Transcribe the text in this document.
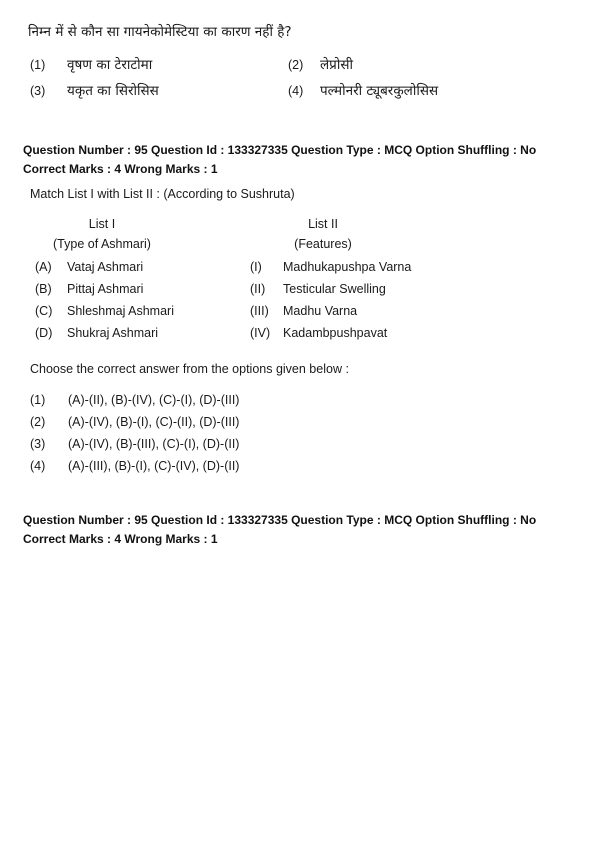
निम्न में से कौन सा गायनेकोमेस्टिया का कारण नहीं है?
(1) वृषण का टेराटोमा	(2) लेप्रोसी
(3) यकृत का सिरोसिस	(4) पल्मोनरी ट्यूबरकुलोसिस
Question Number : 95 Question Id : 133327335 Question Type : MCQ Option Shuffling : No
Correct Marks : 4 Wrong Marks : 1
Match List I with List II : (According to Sushruta)
List I
(Type of Ashmari)
List II
(Features)
(A) Vataj Ashmari	(I) Madhukapushpa Varna
(B) Pittaj Ashmari	(II) Testicular Swelling
(C) Shleshmaj Ashmari	(III) Madhu Varna
(D) Shukraj Ashmari	(IV) Kadambpushpavat
Choose the correct answer from the options given below :
(1) (A)-(II), (B)-(IV), (C)-(I), (D)-(III)
(2) (A)-(IV), (B)-(I), (C)-(II), (D)-(III)
(3) (A)-(IV), (B)-(III), (C)-(I), (D)-(II)
(4) (A)-(III), (B)-(I), (C)-(IV), (D)-(II)
Question Number : 95 Question Id : 133327335 Question Type : MCQ Option Shuffling : No
Correct Marks : 4 Wrong Marks : 1
